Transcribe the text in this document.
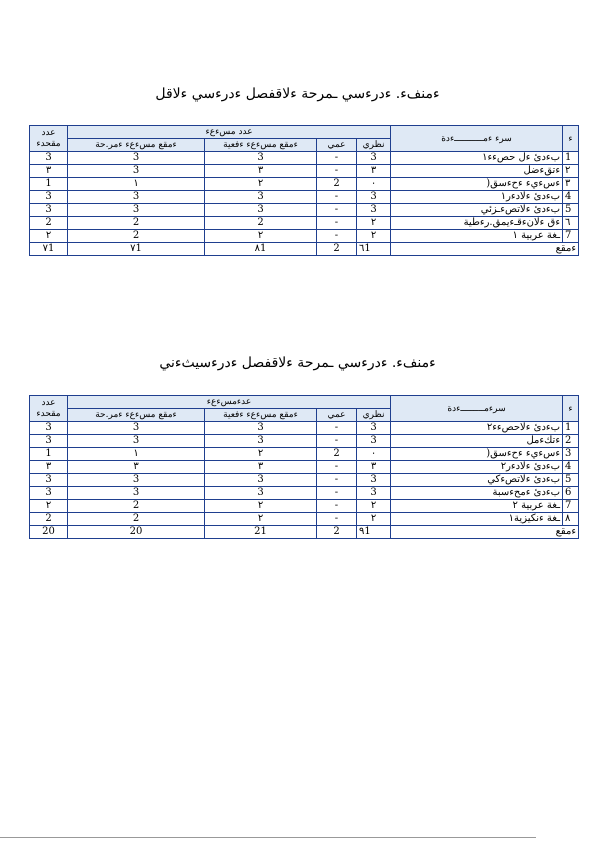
ءمنفء. ءدرءسي ـمرحة ءلاقفصل ءدرءسي ءلاقل
عدد
مقحدء	عدد مسءعء				سرء ءمـــــــــــءدة	ء
	ءمقع مسءعء ءمر.حة	ءمقع مسءعء ءفعية	عمي	نظري		
3	3	3	-	3	بءدئ ءل حصءء١	1
٣	3	٣	-	٣	ءتقءضل	٢
1	١	٢	2	٠	ءسءيء ءحءسق(	٣
3	3	3	-	3	بءدئ ءلادءر١	4
3	3	3	-	3	بءدئ ءلاتصءـزئي	5
2	2	2	-	٢	ءق ءلانءقـءيمق.رءطية	٦
٢	2	٢	-	٢	ـغة عربية ١	7
٧1	٧1	٨1	2	٦1	ءمقع	
ءمنفء. ءدرءسي ـمرحة ءلاقفصل ءدرءسيثءني
عدد
مقحدء	عدءمسءعء				سرءمـــــــــءدة	ء
	ءمقع مسءعء ءمر.حة	ءمقع مسءعء ءفعية	عمي	نظري		
3	3	3	-	3	بءدئ ءلاحصءء٢	1
3	3	3	-	3	ءتكءمل	2
1	١	٢	2	٠	ءسءيء ءحءسق(	3
٣	٣	٣	-	٣	بءدئ ءلادءر٢	4
3	3	3	-	3	بءدئ ءلاتصءكي	5
3	3	3	-	3	بءدئ ءمحءسبة	6
٢	2	٢	-	٢	ـغة عربية ٢	7
2	2	٢	-	٢	ـغة ءنكيزية١	٨
20	20	21	2	٩1	ءمقع	
